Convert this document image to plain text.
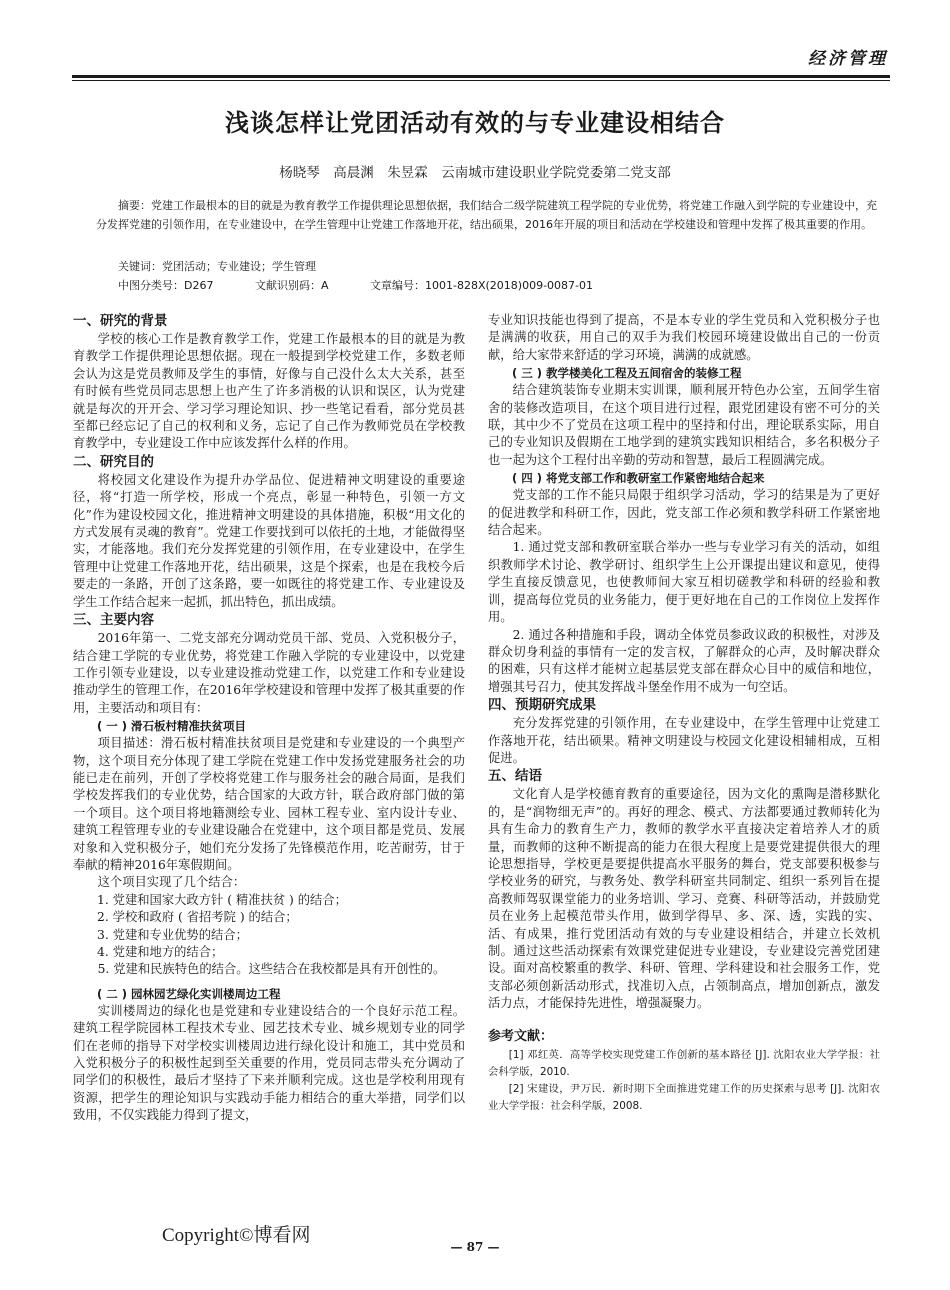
经济管理
浅谈怎样让党团活动有效的与专业建设相结合
杨晓琴　高晨渊　朱昱霖　云南城市建设职业学院党委第二党支部
摘要：党建工作最根本的目的就是为教育教学工作提供理论思想依据，我们结合二级学院建筑工程学院的专业优势，将党建工作融入到学院的专业建设中，充分发挥党建的引领作用，在专业建设中，在学生管理中让党建工作落地开花，结出硕果，2016年开展的项目和活动在学校建设和管理中发挥了极其重要的作用。
关键词：党团活动；专业建设；学生管理
中图分类号：D267	文献识别码：A	文章编号：1001-828X(2018)009-0087-01
一、研究的背景

学校的核心工作是教育教学工作，党建工作最根本的目的就是为教育教学工作提供理论思想依据。现在一般提到学校党建工作，多数老师会认为这是党员教师及学生的事情，好像与自己没什么太大关系，甚至有时候有些党员同志思想上也产生了许多消极的认识和误区，认为党建就是每次的开开会、学习学习理论知识、抄一些笔记看看，部分党员甚至都已经忘记了自己的权利和义务，忘记了自己作为教师党员在学校教育教学中，专业建设工作中应该发挥什么样的作用。

二、研究目的

将校园文化建设作为提升办学品位、促进精神文明建设的重要途径，将“打造一所学校，形成一个亮点，彰显一种特色，引领一方文化”作为建设校园文化，推进精神文明建设的具体措施，积极“用文化的方式发展有灵魂的教育”。党建工作要找到可以依托的土地，才能做得坚实，才能落地。我们充分发挥党建的引领作用，在专业建设中，在学生管理中让党建工作落地开花，结出硕果，这是个探索，也是在我校今后要走的一条路，开创了这条路，要一如既往的将党建工作、专业建设及学生工作结合起来一起抓，抓出特色，抓出成绩。

三、主要内容

2016年第一、二党支部充分调动党员干部、党员、入党积极分子，结合建工学院的专业优势，将党建工作融入学院的专业建设中，以党建工作引领专业建设，以专业建设推动党建工作，以党建工作和专业建设推动学生的管理工作，在2016年学校建设和管理中发挥了极其重要的作用，主要活动和项目有：

( 一 ) 滑石板村精准扶贫项目

项目描述：滑石板村精准扶贫项目是党建和专业建设的一个典型产物，这个项目充分体现了建工学院在党建工作中发扬党建服务社会的功能已走在前列，开创了学校将党建工作与服务社会的融合局面，是我们学校发挥我们的专业优势，结合国家的大政方针，联合政府部门做的第一个项目。这个项目将地籍测绘专业、园林工程专业、室内设计专业、建筑工程管理专业的专业建设融合在党建中，这个项目都是党员、发展对象和入党积极分子，她们充分发扬了先锋模范作用，吃苦耐劳，甘于奉献的精神2016年寒假期间。

这个项目实现了几个结合：

1. 党建和国家大政方针 ( 精准扶贫 ) 的结合；

2. 学校和政府 ( 省招考院 ) 的结合；

3. 党建和专业优势的结合；

4. 党建和地方的结合；

5. 党建和民族特色的结合。这些结合在我校都是具有开创性的。

( 二 ) 园林园艺绿化实训楼周边工程

实训楼周边的绿化也是党建和专业建设结合的一个良好示范工程。建筑工程学院园林工程技术专业、园艺技术专业、城乡规划专业的同学们在老师的指导下对学校实训楼周边进行绿化设计和施工，其中党员和入党积极分子的积极性起到至关重要的作用，党员同志带头充分调动了同学们的积极性，最后才坚持了下来并顺利完成。这也是学校利用现有资源，把学生的理论知识与实践动手能力相结合的重大举措，同学们以致用，不仅实践能力得到了提文，

专业知识技能也得到了提高，不是本专业的学生党员和入党积极分子也是满满的收获，用自己的双手为我们校园环境建设做出自己的一份贡献，给大家带来舒适的学习环境，满满的成就感。

( 三 ) 教学楼美化工程及五间宿舍的装修工程

结合建筑装饰专业期末实训课，顺利展开特色办公室，五间学生宿舍的装修改造项目，在这个项目进行过程，跟党团建设有密不可分的关联，其中少不了党员在这项工程中的坚持和付出，理论联系实际，用自己的专业知识及假期在工地学到的建筑实践知识相结合，多名积极分子也一起为这个工程付出辛勤的劳动和智慧，最后工程圆满完成。

( 四 ) 将党支部工作和教研室工作紧密地结合起来

党支部的工作不能只局限于组织学习活动，学习的结果是为了更好的促进教学和科研工作，因此，党支部工作必须和教学科研工作紧密地结合起来。

1. 通过党支部和教研室联合举办一些与专业学习有关的活动，如组织教师学术讨论、教学研讨、组织学生上公开课提出建议和意见，使得学生直接反馈意见，也使教师间大家互相切磋教学和科研的经验和教训，提高每位党员的业务能力，便于更好地在自己的工作岗位上发挥作用。

2. 通过各种措施和手段，调动全体党员参政议政的积极性，对涉及群众切身利益的事情有一定的发言权，了解群众的心声，及时解决群众的困难，只有这样才能树立起基层党支部在群众心目中的威信和地位，增强其号召力，使其发挥战斗堡垒作用不成为一句空话。

四、预期研究成果

充分发挥党建的引领作用，在专业建设中，在学生管理中让党建工作落地开花，结出硕果。精神文明建设与校园文化建设相辅相成，互相促进。

五、结语

文化育人是学校德育教育的重要途径，因为文化的熏陶是潜移默化的，是“润物细无声”的。再好的理念、模式、方法都要通过教师转化为具有生命力的教育生产力，教师的教学水平直接决定着培养人才的质量，而教师的这种不断提高的能力在很大程度上是要党建提供很大的理论思想指导，学校更是要提供提高水平服务的舞台，党支部要积极参与学校业务的研究，与教务处、教学科研室共同制定、组织一系列旨在提高教师驾驭课堂能力的业务培训、学习、竞赛、科研等活动，并鼓励党员在业务上起模范带头作用，做到学得早、多、深、透，实践的实、活、有成果，推行党团活动有效的与专业建设相结合，并建立长效机制。通过这些活动探索有效课党建促进专业建设，专业建设完善党团建设。面对高校繁重的教学、科研、管理、学科建设和社会服务工作，党支部必须创新活动形式，找准切入点，占领制高点，增加创新点，激发活力点，才能保持先进性，增强凝聚力。

参考文献：

[1] 邓红英．高等学校实现党建工作创新的基本路径 [J]. 沈阳农业大学学报：社会科学版，2010.

[2] 宋建设，尹万民．新时期下全面推进党建工作的历史探索与思考 [J]. 沈阳农业大学学报：社会科学版，2008.

Copyright©博看网
— 87 —
